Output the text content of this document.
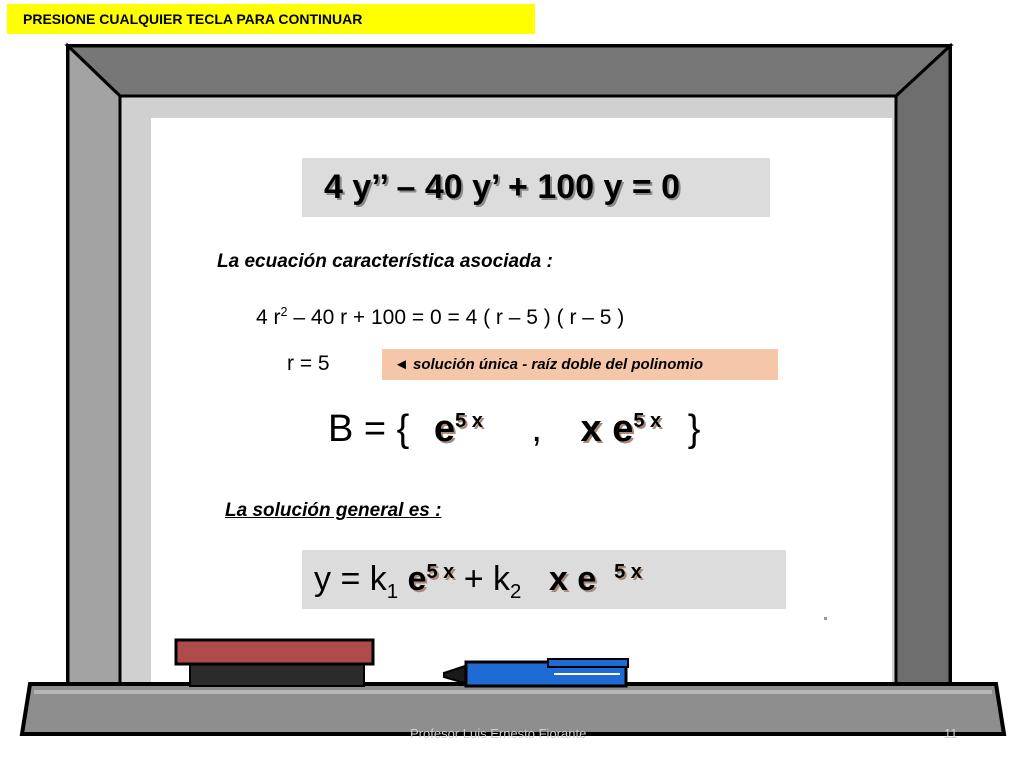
PRESIONE CUALQUIER TECLA PARA CONTINUAR
4 y’’ – 40 y’ + 100 y = 0
La ecuación característica asociada :
4 $r^2 - 40$ r + 100 = 0 = 4 ( r – 5 ) ( r – 5 )
r = 5	◄ solución única - raíz doble del polinomio
B = { $e^{5 x}$ , x $e^{5 x}$ }
La solución general es :
$y = k_1$ $e^{5 x} + k_2$ x e $^{5 x}$
Profesor Luis Ernesto Fiorante	11
